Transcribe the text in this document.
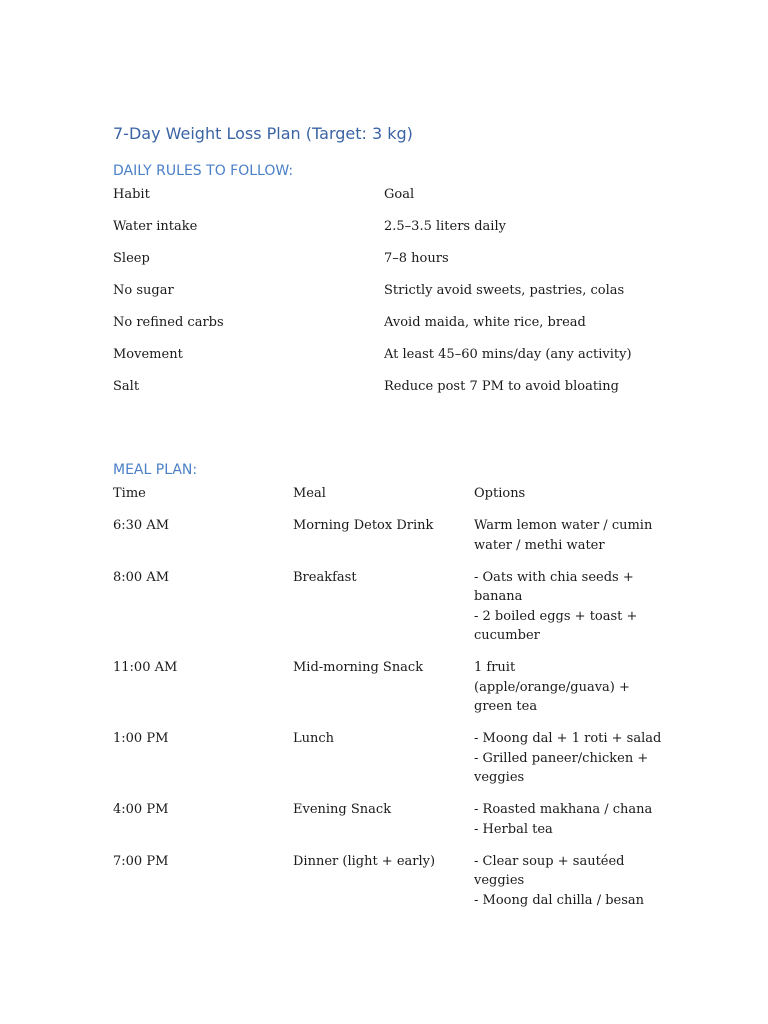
7-Day Weight Loss Plan (Target: 3 kg)
DAILY RULES TO FOLLOW:
Habit	Goal
Water intake	2.5–3.5 liters daily
Sleep	7–8 hours
No sugar	Strictly avoid sweets, pastries, colas
No refined carbs	Avoid maida, white rice, bread
Movement	At least 45–60 mins/day (any activity)
Salt	Reduce post 7 PM to avoid bloating
MEAL PLAN:
Time	Meal	Options
6:30 AM	Morning Detox Drink	Warm lemon water / cumin
water / methi water
8:00 AM	Breakfast	- Oats with chia seeds +
banana
- 2 boiled eggs + toast +
cucumber
11:00 AM	Mid-morning Snack	1 fruit
(apple/orange/guava) +
green tea
1:00 PM	Lunch	- Moong dal + 1 roti + salad
- Grilled paneer/chicken +
veggies
4:00 PM	Evening Snack	- Roasted makhana / chana
- Herbal tea
7:00 PM	Dinner (light + early)	- Clear soup + sautéed
veggies
- Moong dal chilla / besan
